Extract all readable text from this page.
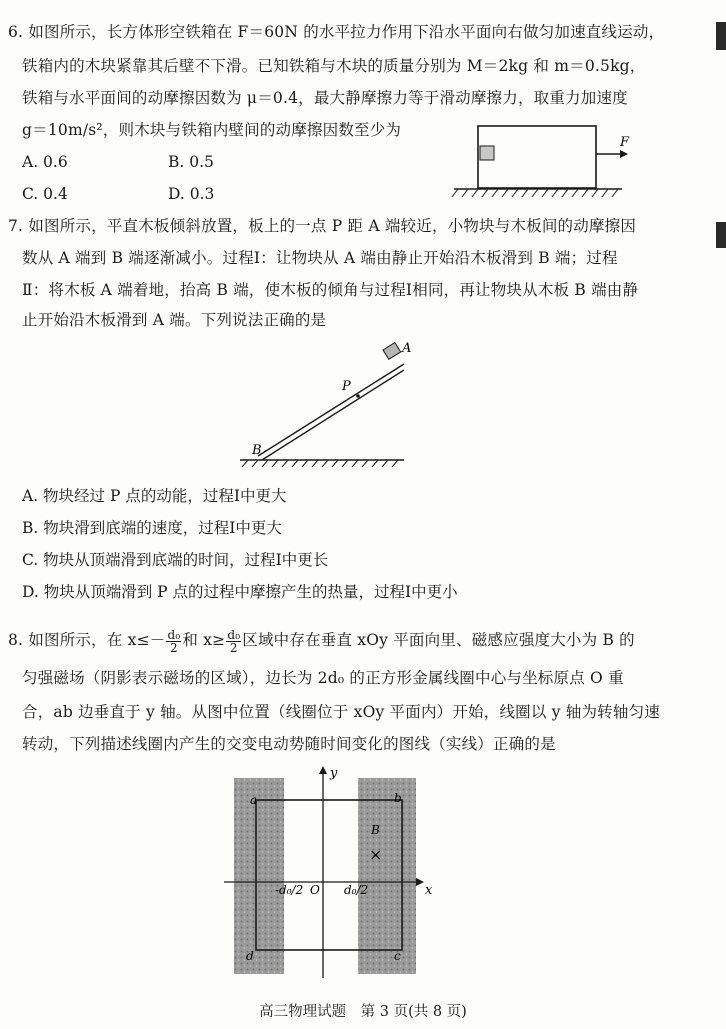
6. 如图所示，长方体形空铁箱在 F＝60N 的水平拉力作用下沿水平面向右做匀加速直线运动，
铁箱内的木块紧靠其后壁不下滑。已知铁箱与木块的质量分别为 M＝2kg 和 m＝0.5kg，
铁箱与水平面间的动摩擦因数为 μ＝0.4，最大静摩擦力等于滑动摩擦力，取重力加速度
g＝10m/s²，则木块与铁箱内壁间的动摩擦因数至少为
A. 0.6	B. 0.5
C. 0.4	D. 0.3
F
7. 如图所示，平直木板倾斜放置，板上的一点 P 距 A 端较近，小物块与木板间的动摩擦因
数从 A 端到 B 端逐渐减小。过程Ⅰ：让物块从 A 端由静止开始沿木板滑到 B 端；过程
Ⅱ：将木板 A 端着地，抬高 B 端，使木板的倾角与过程Ⅰ相同，再让物块从木板 B 端由静
止开始沿木板滑到 A 端。下列说法正确的是
A
P
B
A. 物块经过 P 点的动能，过程Ⅰ中更大
B. 物块滑到底端的速度，过程Ⅰ中更大
C. 物块从顶端滑到底端的时间，过程Ⅰ中更长
D. 物块从顶端滑到 P 点的过程中摩擦产生的热量，过程Ⅰ中更小
8. 如图所示，在 $x\le- \frac{\text{d₀}}{2}$ 和 $x\ge \frac{\text{d₀}}{2}$ 区域中存在垂直 xOy 平面向里、磁感应强度大小为 B 的
匀强磁场（阴影表示磁场的区域），边长为 2d₀ 的正方形金属线圈中心与坐标原点 O 重
合，ab 边垂直于 y 轴。从图中位置（线圈位于 xOy 平面内）开始，线圈以 y 轴为转轴匀速
转动，下列描述线圈内产生的交变电动势随时间变化的图线（实线）正确的是
y
x
a	b
c
d
B
×
-d₀/2 O d₀/2
高三物理试题　第 3 页(共 8 页)
